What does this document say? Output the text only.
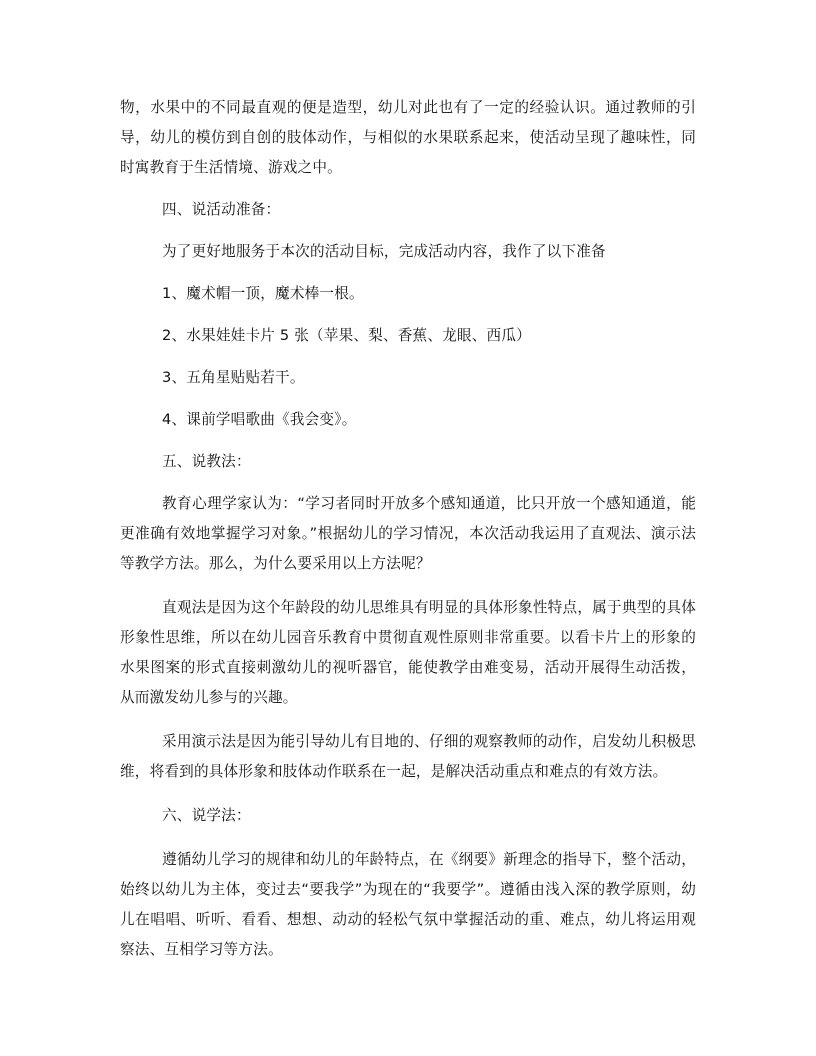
物，水果中的不同最直观的便是造型，幼儿对此也有了一定的经验认识。通过教师的引导，幼儿的模仿到自创的肢体动作，与相似的水果联系起来，使活动呈现了趣味性，同时寓教育于生活情境、游戏之中。

四、说活动准备：

为了更好地服务于本次的活动目标，完成活动内容，我作了以下准备

1、魔术帽一顶，魔术棒一根。

2、水果娃娃卡片 5 张（苹果、梨、香蕉、龙眼、西瓜）

3、五角星贴贴若干。

4、课前学唱歌曲《我会变》。

五、说教法：

教育心理学家认为：“学习者同时开放多个感知通道，比只开放一个感知通道，能更准确有效地掌握学习对象。”根据幼儿的学习情况，本次活动我运用了直观法、演示法等教学方法。那么，为什么要采用以上方法呢？

直观法是因为这个年龄段的幼儿思维具有明显的具体形象性特点，属于典型的具体形象性思维，所以在幼儿园音乐教育中贯彻直观性原则非常重要。以看卡片上的形象的水果图案的形式直接刺激幼儿的视听器官，能使教学由难变易，活动开展得生动活拨，从而激发幼儿参与的兴趣。

采用演示法是因为能引导幼儿有目地的、仔细的观察教师的动作，启发幼儿积极思维，将看到的具体形象和肢体动作联系在一起，是解决活动重点和难点的有效方法。

六、说学法：

遵循幼儿学习的规律和幼儿的年龄特点，在《纲要》新理念的指导下，整个活动，始终以幼儿为主体，变过去“要我学”为现在的“我要学”。遵循由浅入深的教学原则，幼儿在唱唱、听听、看看、想想、动动的轻松气氛中掌握活动的重、难点，幼儿将运用观察法、互相学习等方法。
